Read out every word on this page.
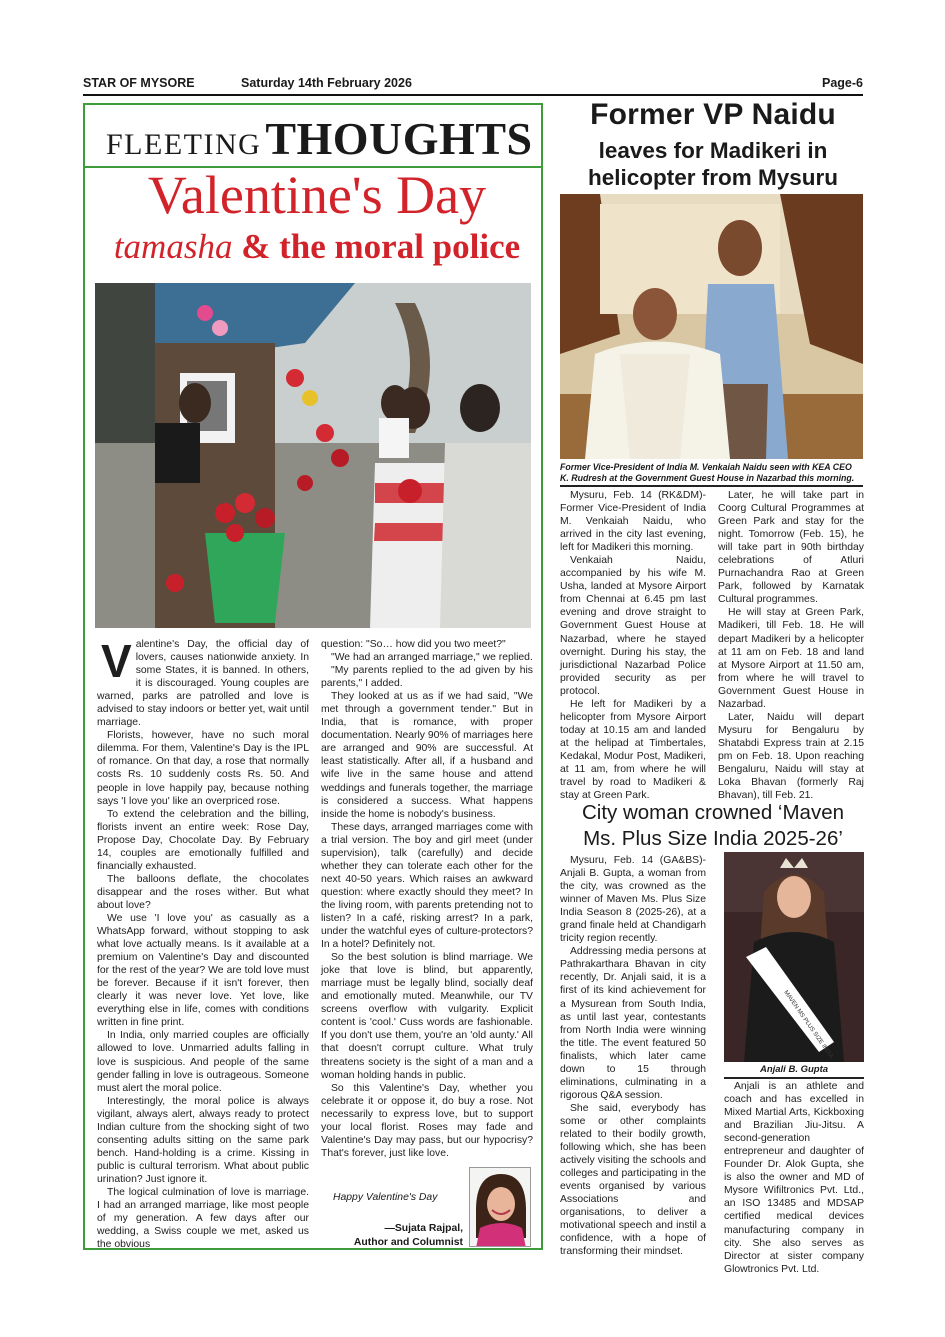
STAR OF MYSORE	Saturday 14th February 2026	Page-6
FLEETING THOUGHTS
Valentine's Day
tamasha & the moral police

Valentine's Day, the official day of lovers, causes nationwide anxiety. In some States, it is banned. In others, it is discouraged. Young couples are warned, parks are patrolled and love is advised to stay indoors or better yet, wait until marriage.

Florists, however, have no such moral dilemma. For them, Valentine's Day is the IPL of romance. On that day, a rose that normally costs Rs. 10 suddenly costs Rs. 50. And people in love happily pay, because nothing says 'I love you' like an overpriced rose.

To extend the celebration and the billing, florists invent an entire week: Rose Day, Propose Day, Chocolate Day. By February 14, couples are emotionally fulfilled and financially exhausted.

The balloons deflate, the chocolates disappear and the roses wither. But what about love?

We use 'I love you' as casually as a WhatsApp forward, without stopping to ask what love actually means. Is it available at a premium on Valentine's Day and discounted for the rest of the year? We are told love must be forever. Because if it isn't forever, then clearly it was never love. Yet love, like everything else in life, comes with conditions written in fine print.

In India, only married couples are officially allowed to love. Unmarried adults falling in love is suspicious. And people of the same gender falling in love is outrageous. Someone must alert the moral police.

Interestingly, the moral police is always vigilant, always alert, always ready to protect Indian culture from the shocking sight of two consenting adults sitting on the same park bench. Hand-holding is a crime. Kissing in public is cultural terrorism. What about public urination? Just ignore it.

The logical culmination of love is marriage. I had an arranged marriage, like most people of my generation. A few days after our wedding, a Swiss couple we met, asked us the obvious

question: "So… how did you two meet?"

"We had an arranged marriage," we replied.

"My parents replied to the ad given by his parents," I added.

They looked at us as if we had said, "We met through a government tender." But in India, that is romance, with proper documentation. Nearly 90% of marriages here are arranged and 90% are successful. At least statistically. After all, if a husband and wife live in the same house and attend weddings and funerals together, the marriage is considered a success. What happens inside the home is nobody's business.

These days, arranged marriages come with a trial version. The boy and girl meet (under supervision), talk (carefully) and decide whether they can tolerate each other for the next 40-50 years. Which raises an awkward question: where exactly should they meet? In the living room, with parents pretending not to listen? In a café, risking arrest? In a park, under the watchful eyes of culture-protectors? In a hotel? Definitely not.

So the best solution is blind marriage. We joke that love is blind, but apparently, marriage must be legally blind, socially deaf and emotionally muted. Meanwhile, our TV screens overflow with vulgarity. Explicit content is 'cool.' Cuss words are fashionable. If you don't use them, you're an 'old aunty.' All that doesn't corrupt culture. What truly threatens society is the sight of a man and a woman holding hands in public.

So this Valentine's Day, whether you celebrate it or oppose it, do buy a rose. Not necessarily to express love, but to support your local florist. Roses may fade and Valentine's Day may pass, but our hypocrisy? That's forever, just like love.

Happy Valentine's Day
—Sujata Rajpal,
Author and Columnist
Former VP Naidu
leaves for Madikeri in
helicopter from Mysuru
Former Vice-President of India M. Venkaiah Naidu seen with KEA CEO
K. Rudresh at the Government Guest House in Nazarbad this morning.

Mysuru, Feb. 14 (RK&DM)- Former Vice-President of India M. Venkaiah Naidu, who arrived in the city last evening, left for Madikeri this morning.

Venkaiah Naidu, accompanied by his wife M. Usha, landed at Mysore Airport from Chennai at 6.45 pm last evening and drove straight to Government Guest House at Nazarbad, where he stayed overnight. During his stay, the jurisdictional Nazarbad Police provided security as per protocol.

He left for Madikeri by a helicopter from Mysore Airport today at 10.15 am and landed at the helipad at Timbertales, Kedakal, Modur Post, Madikeri, at 11 am, from where he will travel by road to Madikeri & stay at Green Park.

Later, he will take part in Coorg Cultural Programmes at Green Park and stay for the night. Tomorrow (Feb. 15), he will take part in 90th birthday celebrations of Atluri Purnachandra Rao at Green Park, followed by Karnatak Cultural programmes.

He will stay at Green Park, Madikeri, till Feb. 18. He will depart Madikeri by a helicopter at 11 am on Feb. 18 and land at Mysore Airport at 11.50 am, from where he will travel to Government Guest House in Nazarbad.

Later, Naidu will depart Mysuru for Bengaluru by Shatabdi Express train at 2.15 pm on Feb. 18. Upon reaching Bengaluru, Naidu will stay at Loka Bhavan (formerly Raj Bhavan), till Feb. 21.

City woman crowned ‘Maven
Ms. Plus Size India 2025-26’
MAVEN MS PLUS SIZE INDIA
Anjali B. Gupta

Mysuru, Feb. 14 (GA&BS)- Anjali B. Gupta, a woman from the city, was crowned as the winner of Maven Ms. Plus Size India Season 8 (2025-26), at a grand finale held at Chandigarh tricity region recently.

Addressing media persons at Pathrakarthara Bhavan in city recently, Dr. Anjali said, it is a first of its kind achievement for a Mysurean from South India, as until last year, contestants from North India were winning the title. The event featured 50 finalists, which later came down to 15 through eliminations, culminating in a rigorous Q&A session.

She said, everybody has some or other complaints related to their bodily growth, following which, she has been actively visiting the schools and colleges and participating in the events organised by various Associations and organisations, to deliver a motivational speech and instil a confidence, with a hope of transforming their mindset.

Anjali is an athlete and coach and has excelled in Mixed Martial Arts, Kickboxing and Brazilian Jiu-Jitsu. A second-generation entrepreneur and daughter of Founder Dr. Alok Gupta, she is also the owner and MD of Mysore Wifiltronics Pvt. Ltd., an ISO 13485 and MDSAP certified medical devices manufacturing company in city. She also serves as Director at sister company Glowtronics Pvt. Ltd.
